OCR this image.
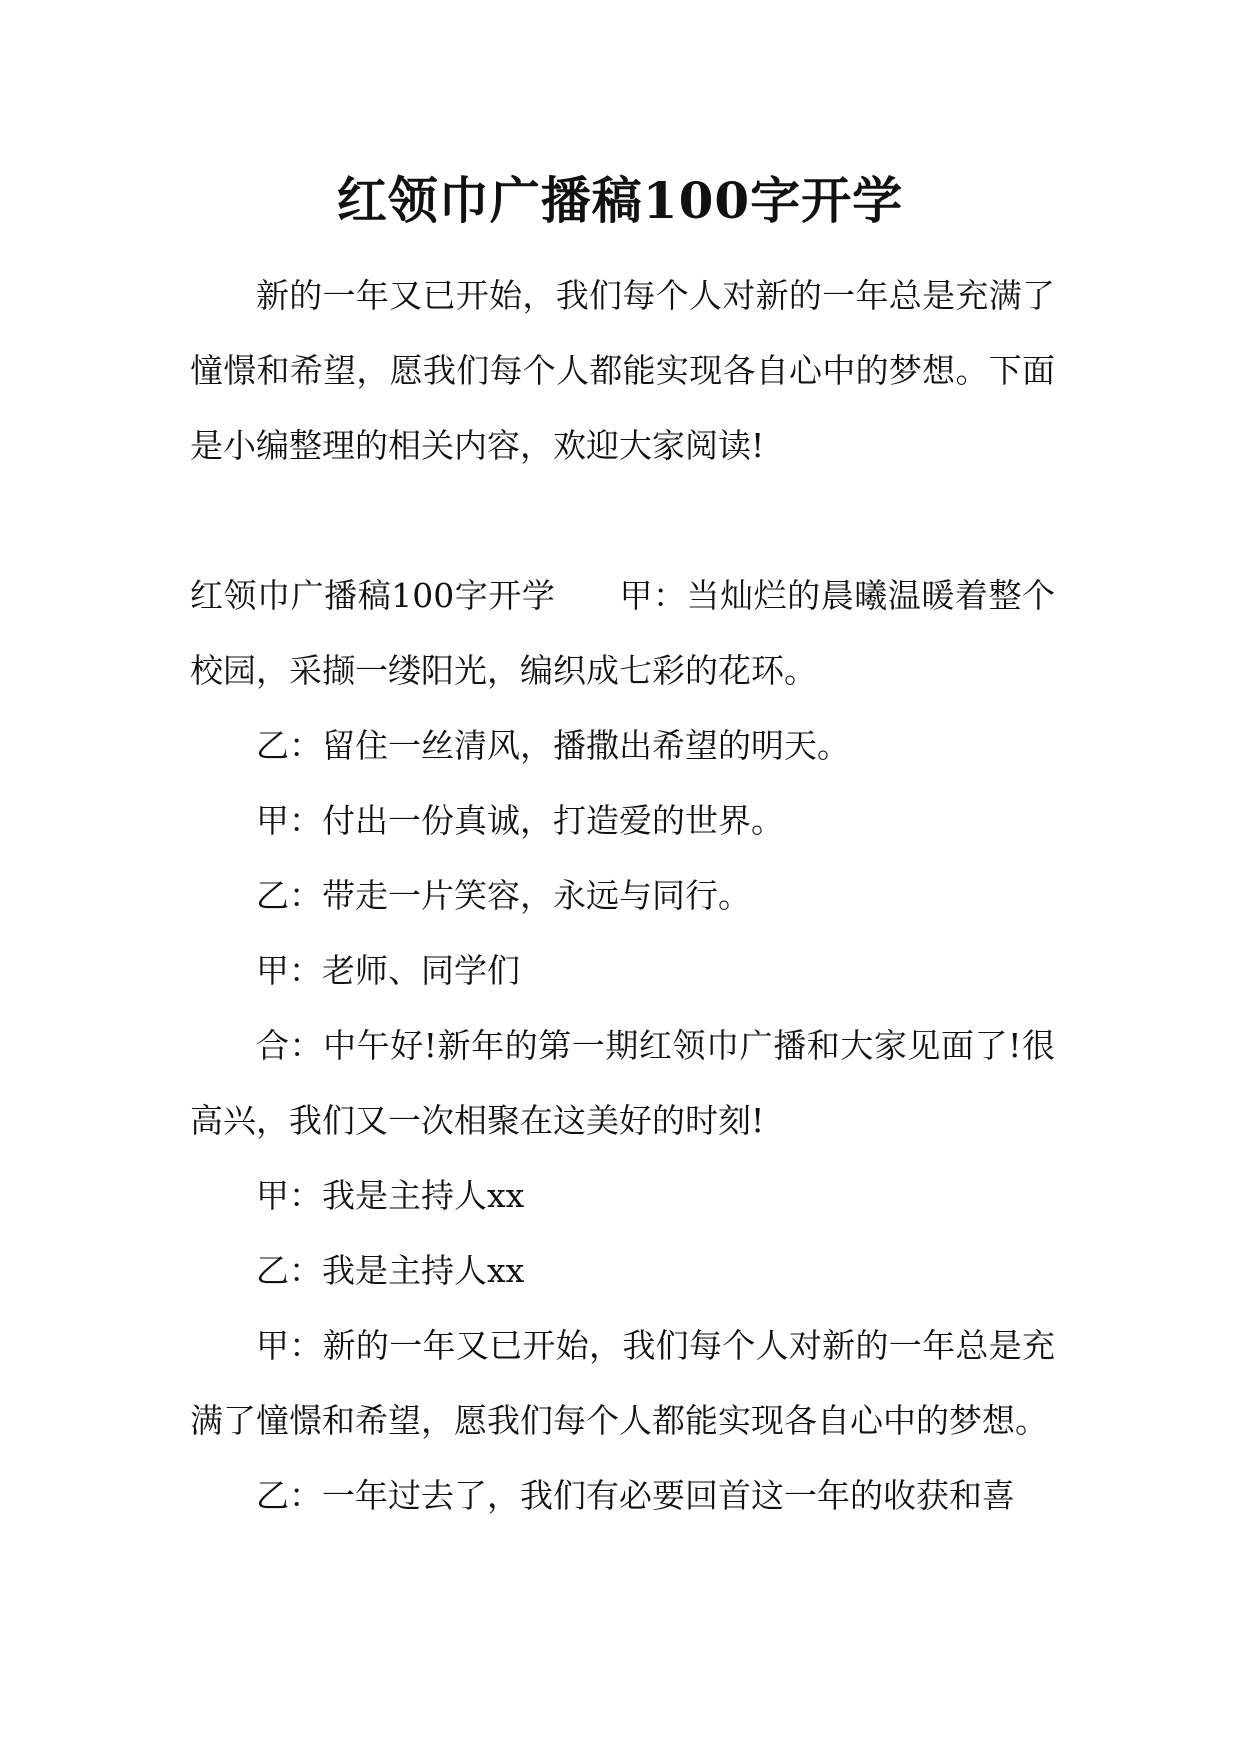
红领巾广播稿100字开学

新的一年又已开始，我们每个人对新的一年总是充满了憧憬和希望，愿我们每个人都能实现各自心中的梦想。下面是小编整理的相关内容，欢迎大家阅读!

红领巾广播稿100字开学 甲：当灿烂的晨曦温暖着整个校园，采撷一缕阳光，编织成七彩的花环。

乙：留住一丝清风，播撒出希望的明天。

甲：付出一份真诚，打造爱的世界。

乙：带走一片笑容，永远与同行。

甲：老师、同学们

合：中午好!新年的第一期红领巾广播和大家见面了!很高兴，我们又一次相聚在这美好的时刻!

甲：我是主持人xx

乙：我是主持人xx

甲：新的一年又已开始，我们每个人对新的一年总是充满了憧憬和希望，愿我们每个人都能实现各自心中的梦想。

乙：一年过去了，我们有必要回首这一年的收获和喜
